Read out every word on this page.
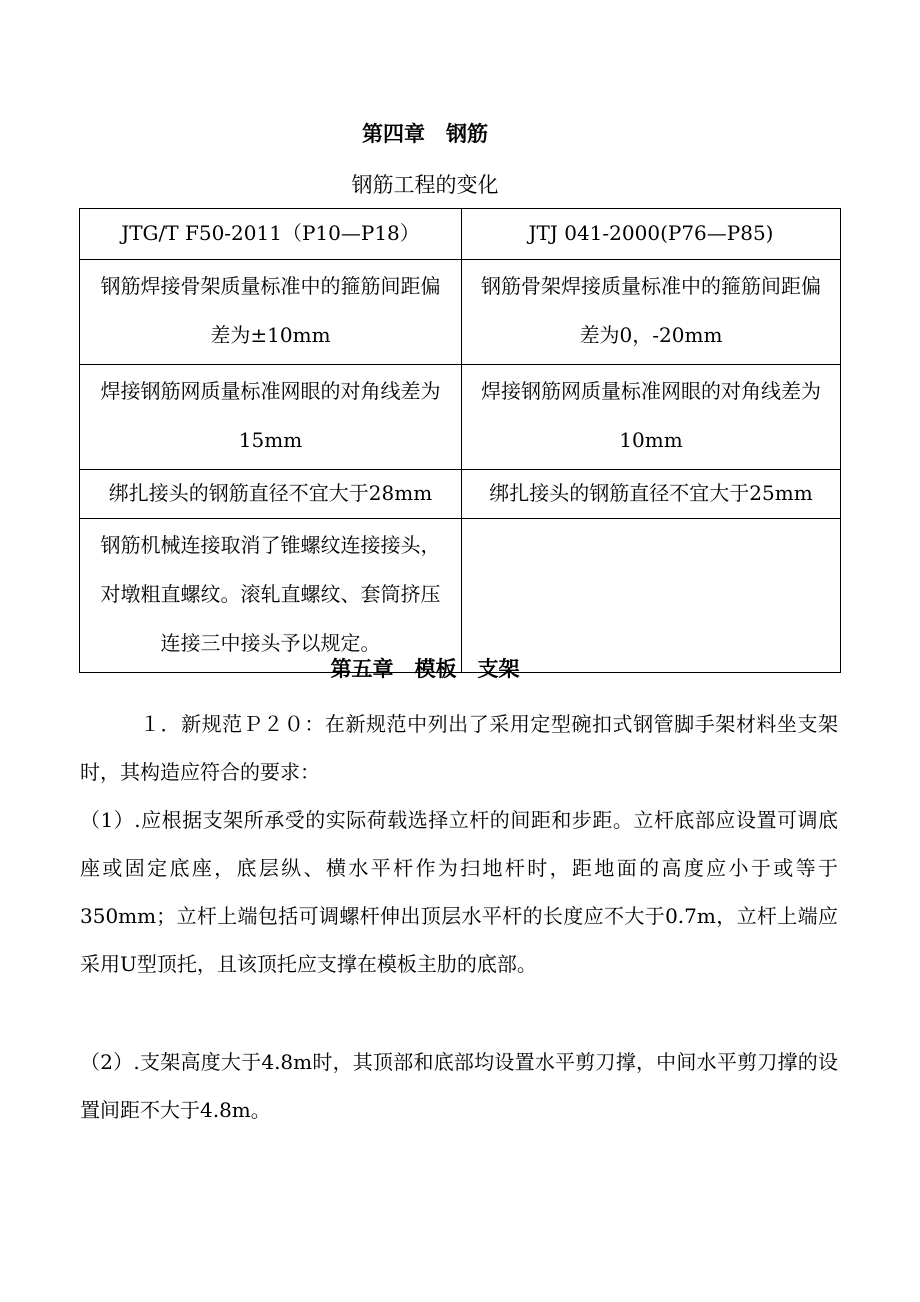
第四章　钢筋
钢筋工程的变化
JTG/T F50-2011（P10—P18）	JTJ 041-2000(P76—P85)
钢筋焊接骨架质量标准中的箍筋间距偏差为±10mm	钢筋骨架焊接质量标准中的箍筋间距偏差为0，-20mm
焊接钢筋网质量标准网眼的对角线差为15mm	焊接钢筋网质量标准网眼的对角线差为10mm
绑扎接头的钢筋直径不宜大于28mm	绑扎接头的钢筋直径不宜大于25mm
钢筋机械连接取消了锥螺纹连接接头，对墩粗直螺纹。滚轧直螺纹、套筒挤压连接三中接头予以规定。	
第五章　模板　支架
１．新规范Ｐ２０：在新规范中列出了采用定型碗扣式钢管脚手架材料坐支架时，其构造应符合的要求：
（1）.应根据支架所承受的实际荷载选择立杆的间距和步距。立杆底部应设置可调底座或固定底座，底层纵、横水平杆作为扫地杆时，距地面的高度应小于或等于350mm；立杆上端包括可调螺杆伸出顶层水平杆的长度应不大于0.7m，立杆上端应采用U型顶托，且该顶托应支撑在模板主肋的底部。
（2）.支架高度大于4.8m时，其顶部和底部均设置水平剪刀撑，中间水平剪刀撑的设置间距不大于4.8m。
